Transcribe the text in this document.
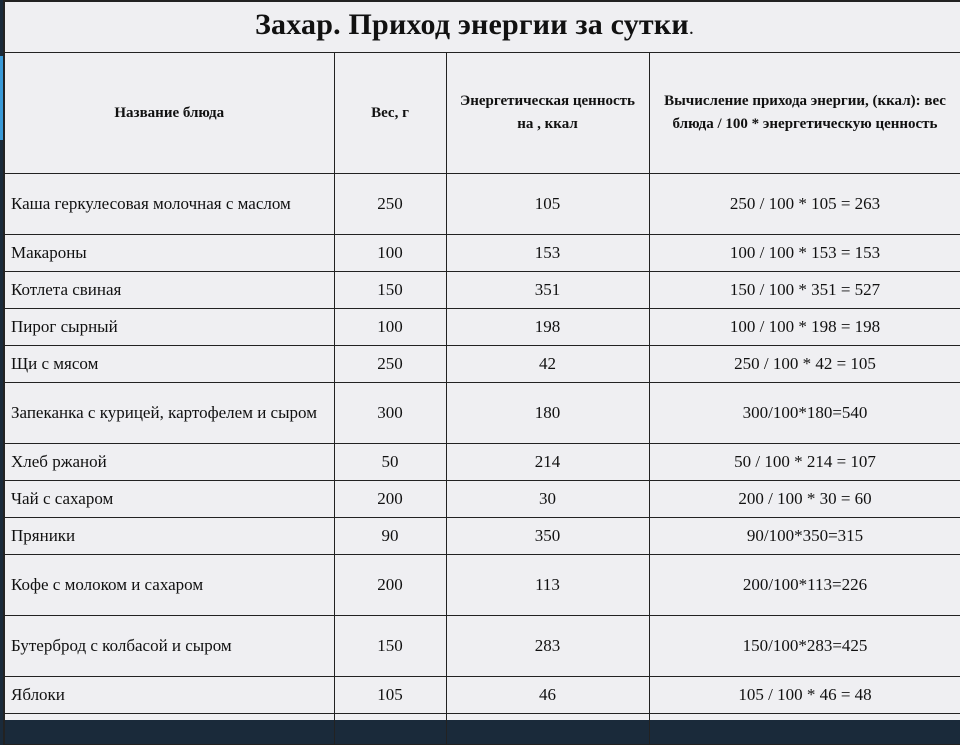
Захар. Приход энергии за сутки.			
Название блюда	Вес, г	Энергетическая ценность на , ккал	Вычисление прихода энергии, (ккал): вес блюда / 100 * энергетическую ценность
Каша геркулесовая молочная с маслом	250	105	250 / 100 * 105 = 263
Макароны	100	153	100 / 100 * 153 = 153
Котлета свиная	150	351	150 / 100 * 351 = 527
Пирог сырный	100	198	100 / 100 * 198 = 198
Щи с мясом	250	42	250 / 100 * 42 = 105
Запеканка с курицей, картофелем и сыром	300	180	300/100*180=540
Хлеб ржаной	50	214	50 / 100 * 214 = 107
Чай с сахаром	200	30	200 / 100 * 30 = 60
Пряники	90	350	90/100*350=315
Кофе с молоком и сахаром	200	113	200/100*113=226
Бутерброд с колбасой и сыром	150	283	150/100*283=425
Яблоки	105	46	105 / 100 * 46 = 48
